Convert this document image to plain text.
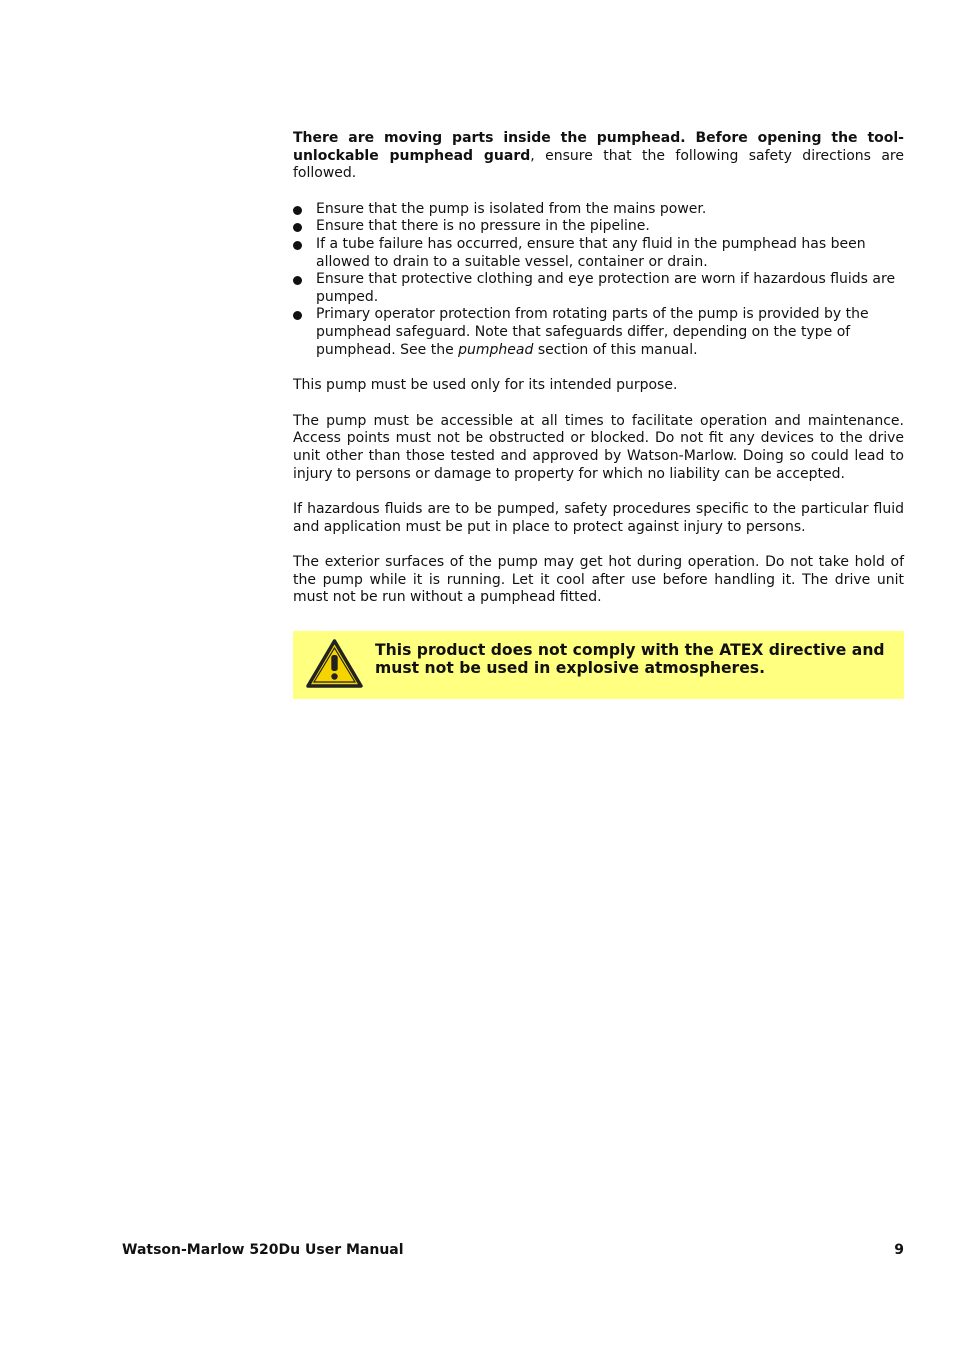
There are moving parts inside the pumphead. Before opening the tool-unlockable pumphead guard, ensure that the following safety directions are followed.

Ensure that the pump is isolated from the mains power.
Ensure that there is no pressure in the pipeline.
If a tube failure has occurred, ensure that any fluid in the pumphead has been allowed to drain to a suitable vessel, container or drain.
Ensure that protective clothing and eye protection are worn if hazardous fluids are pumped.
Primary operator protection from rotating parts of the pump is provided by the pumphead safeguard. Note that safeguards differ, depending on the type of pumphead. See the pumphead section of this manual.

This pump must be used only for its intended purpose.

The pump must be accessible at all times to facilitate operation and maintenance. Access points must not be obstructed or blocked. Do not fit any devices to the drive unit other than those tested and approved by Watson-Marlow. Doing so could lead to injury to persons or damage to property for which no liability can be accepted.

If hazardous fluids are to be pumped, safety procedures specific to the particular fluid and application must be put in place to protect against injury to persons.

The exterior surfaces of the pump may get hot during operation. Do not take hold of the pump while it is running. Let it cool after use before handling it. The drive unit must not be run without a pumphead fitted.

This product does not comply with the ATEX directive and must not be used in explosive atmospheres.
Watson-Marlow 520Du User Manual	9
